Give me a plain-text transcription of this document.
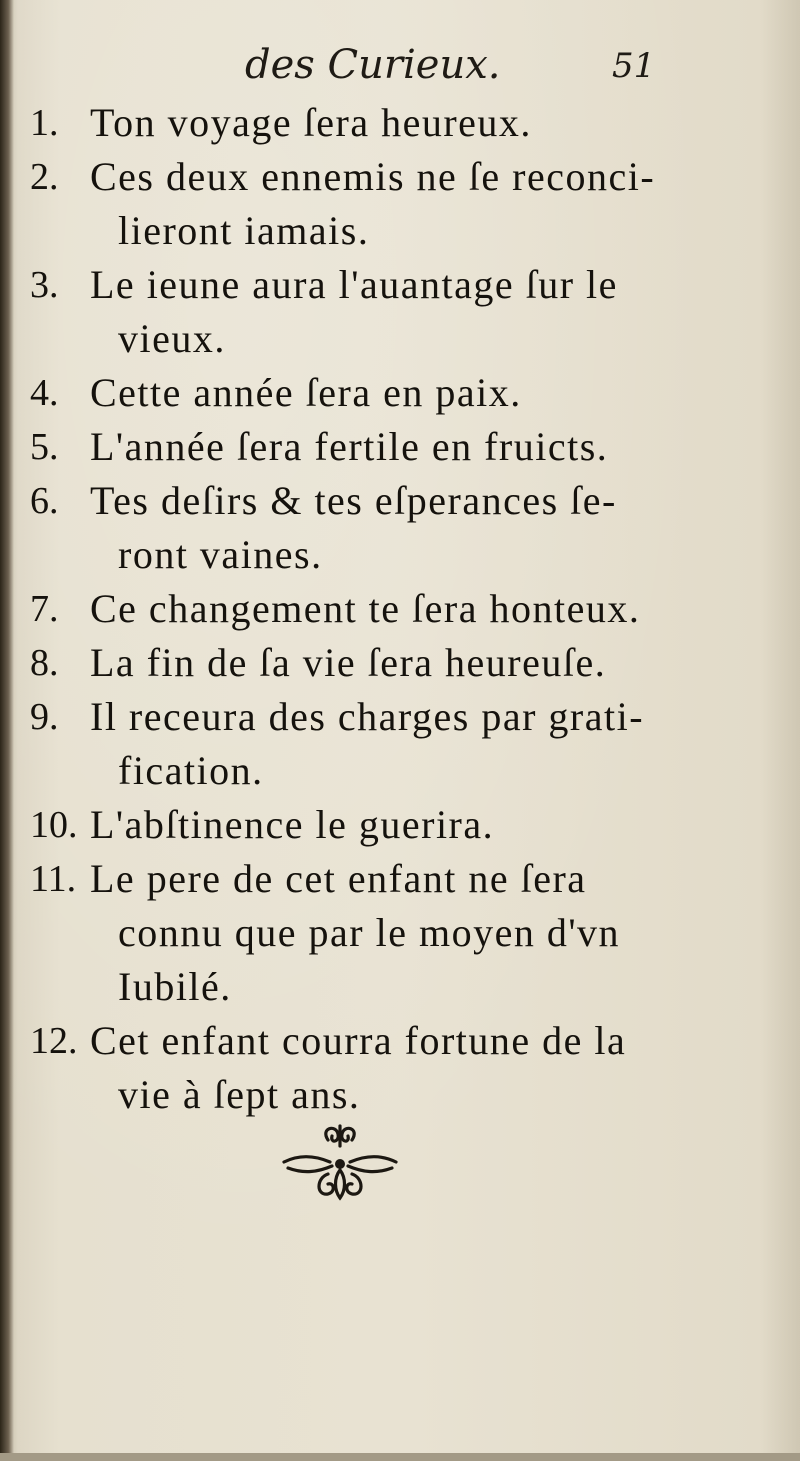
des Curieux.	51
1. Ton voyage ſera heureux.
2. Ces deux ennemis ne ſe reconci-
lieront iamais.
3. Le ieune aura l'auantage ſur le
vieux.
4. Cette année ſera en paix.
5. L'année ſera fertile en fruicts.
6. Tes deſirs & tes eſperances ſe-
ront vaines.
7. Ce changement te ſera honteux.
8. La fin de ſa vie ſera heureuſe.
9. Il receura des charges par grati-
fication.
10. L'abſtinence le guerira.
11. Le pere de cet enfant ne ſera
connu que par le moyen d'vn
Iubilé.
12. Cet enfant courra fortune de la
vie à ſept ans.
